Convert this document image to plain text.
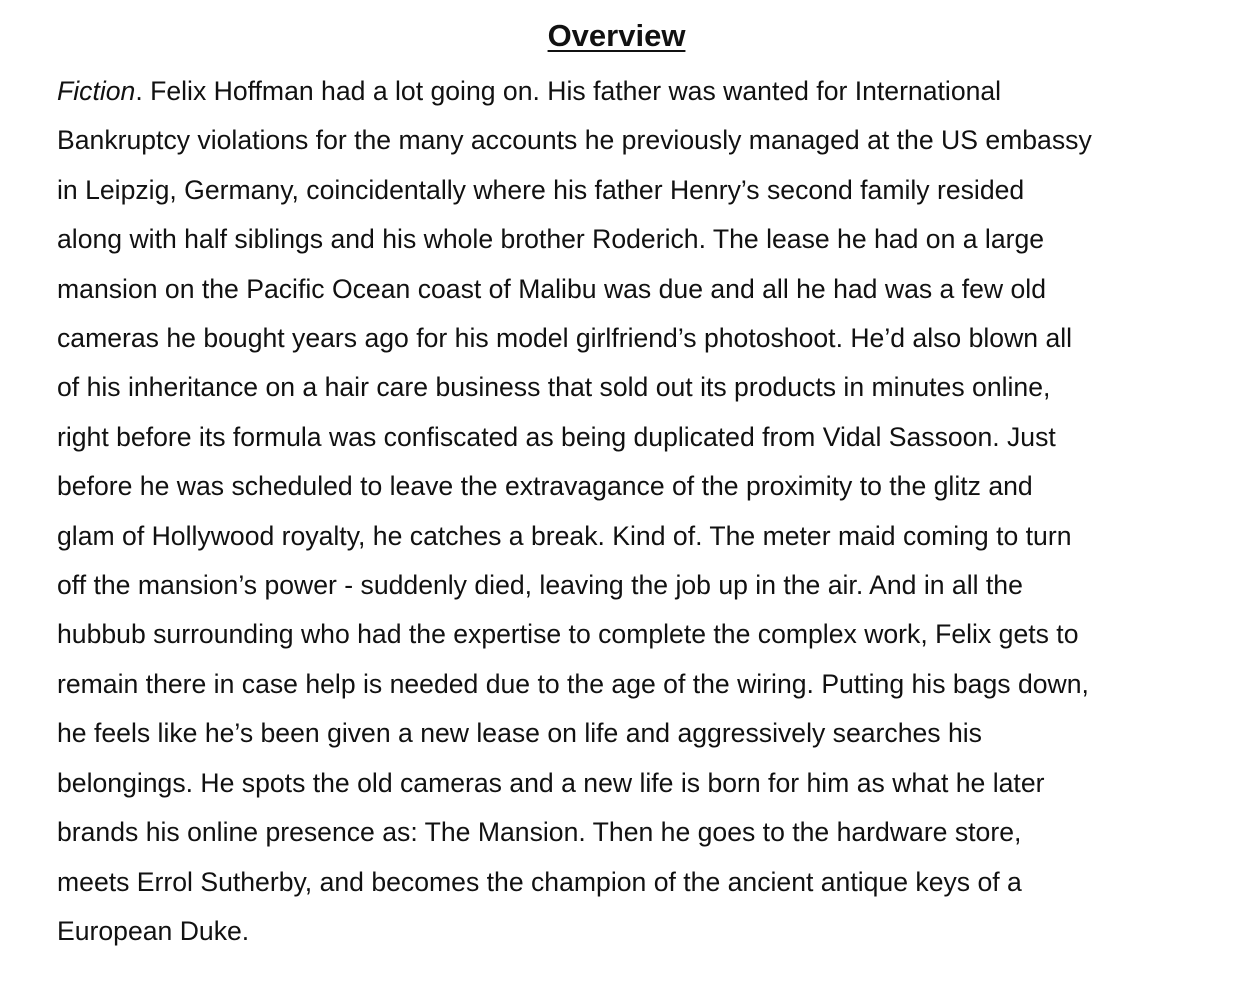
Overview
Fiction. Felix Hoffman had a lot going on. His father was wanted for International
Bankruptcy violations for the many accounts he previously managed at the US embassy
in Leipzig, Germany, coincidentally where his father Henry’s second family resided
along with half siblings and his whole brother Roderich. The lease he had on a large
mansion on the Pacific Ocean coast of Malibu was due and all he had was a few old
cameras he bought years ago for his model girlfriend’s photoshoot. He’d also blown all
of his inheritance on a hair care business that sold out its products in minutes online,
right before its formula was confiscated as being duplicated from Vidal Sassoon. Just
before he was scheduled to leave the extravagance of the proximity to the glitz and
glam of Hollywood royalty, he catches a break. Kind of. The meter maid coming to turn
off the mansion’s power - suddenly died, leaving the job up in the air. And in all the
hubbub surrounding who had the expertise to complete the complex work, Felix gets to
remain there in case help is needed due to the age of the wiring. Putting his bags down,
he feels like he’s been given a new lease on life and aggressively searches his
belongings. He spots the old cameras and a new life is born for him as what he later
brands his online presence as: The Mansion. Then he goes to the hardware store,
meets Errol Sutherby, and becomes the champion of the ancient antique keys of a
European Duke.
